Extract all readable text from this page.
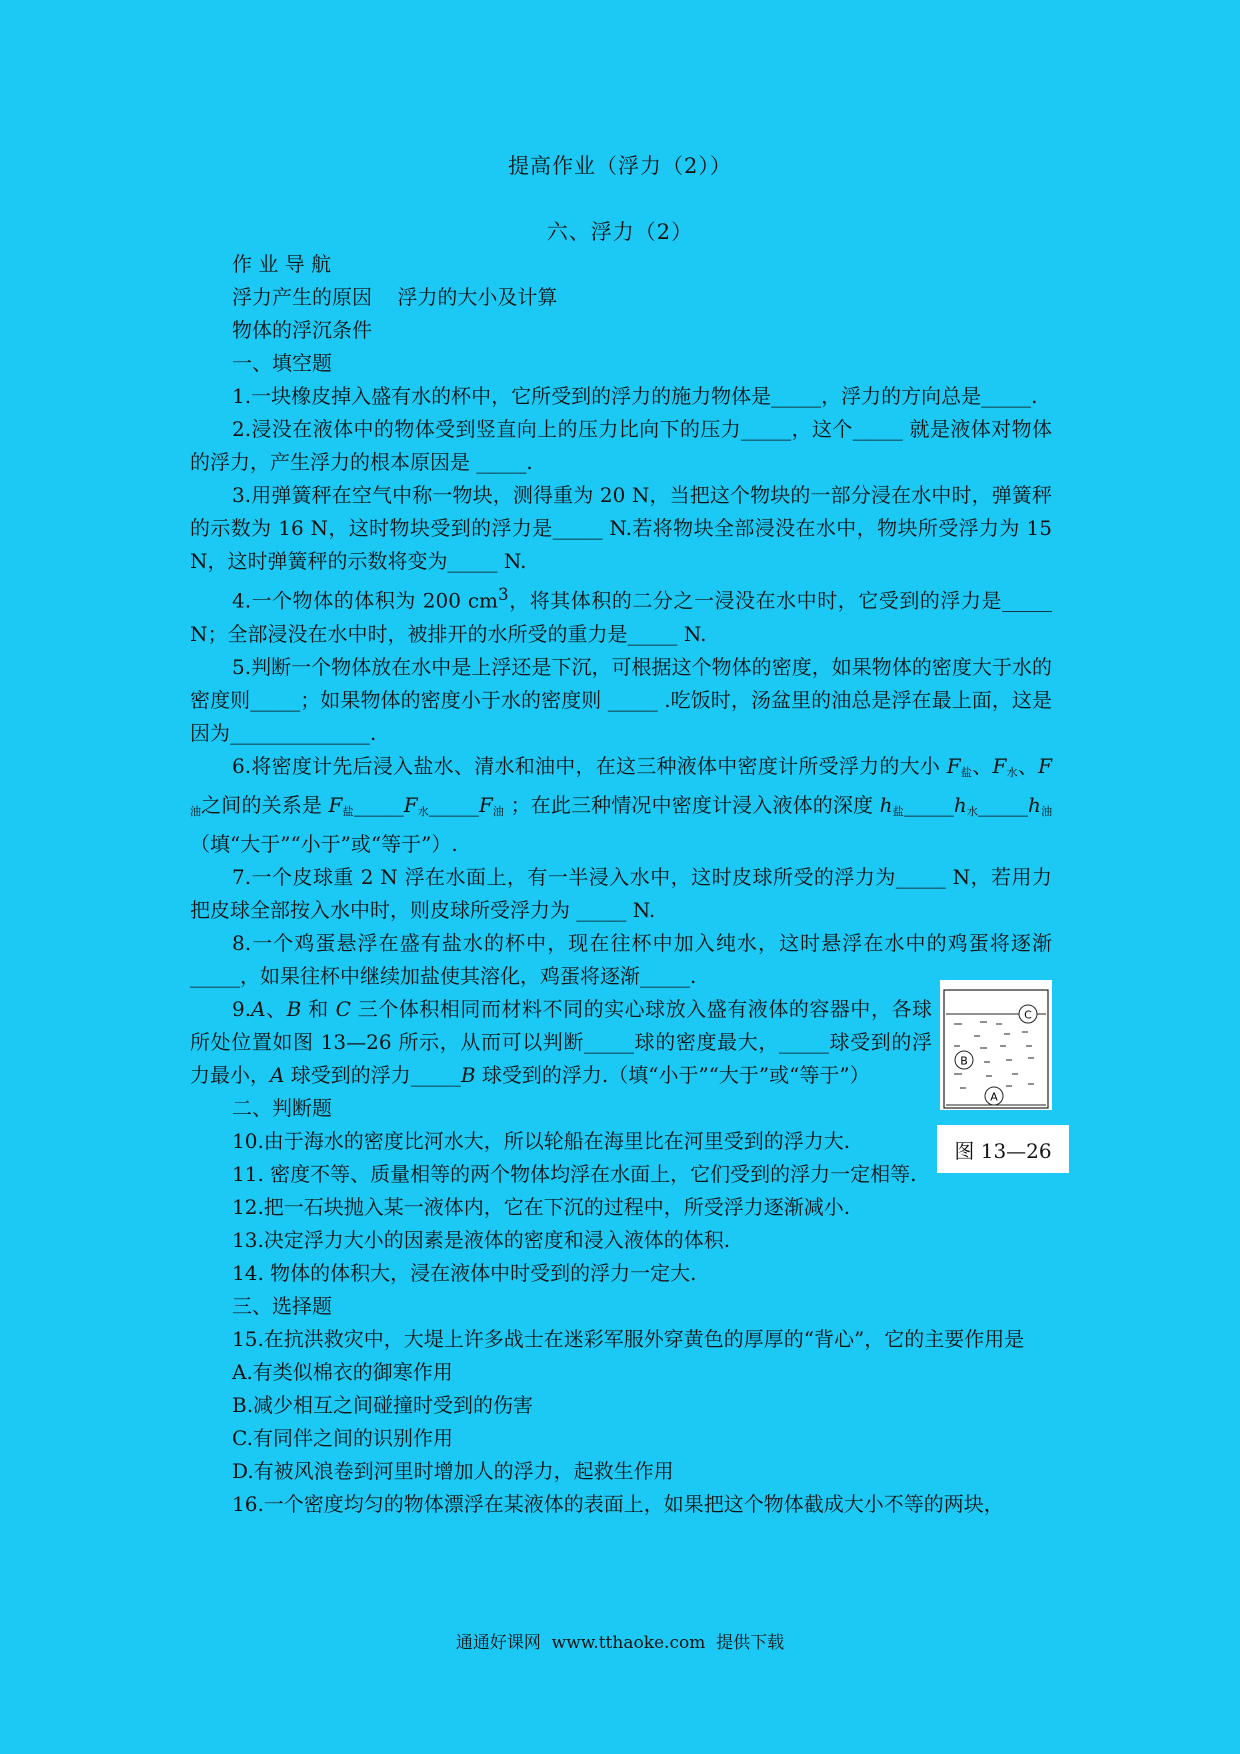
提高作业（浮力（2））
六、浮力（2）

作 业 导 航

浮力产生的原因    浮力的大小及计算

物体的浮沉条件

一、填空题

1.一块橡皮掉入盛有水的杯中，它所受到的浮力的施力物体是_____，浮力的方向总是_____.

2.浸没在液体中的物体受到竖直向上的压力比向下的压力_____，这个_____ 就是液体对物体的浮力，产生浮力的根本原因是 _____.

3.用弹簧秤在空气中称一物块，测得重为 20 N，当把这个物块的一部分浸在水中时，弹簧秤的示数为 16 N，这时物块受到的浮力是_____ N.若将物块全部浸没在水中，物块所受浮力为 15 N，这时弹簧秤的示数将变为_____ N.

4.一个物体的体积为 200 $cm^3$，将其体积的二分之一浸没在水中时，它受到的浮力是_____ N；全部浸没在水中时，被排开的水所受的重力是_____ N.

5.判断一个物体放在水中是上浮还是下沉，可根据这个物体的密度，如果物体的密度大于水的密度则_____；如果物体的密度小于水的密度则 _____ .吃饭时，汤盆里的油总是浮在最上面，这是因为______________.

6.将密度计先后浸入盐水、清水和油中，在这三种液体中密度计所受浮力的大小 $F_盐$、$F_水$、$F_油$之间的关系是 $F_盐\_\_\_\_\_F_水\_\_\_\_\_F_油$ ；在此三种情况中密度计浸入液体的深度 $h_盐\_\_\_\_\_h_水\_\_\_\_\_h_油$（填“大于”“小于”或“等于”）.

7.一个皮球重 2 N 浮在水面上，有一半浸入水中，这时皮球所受的浮力为_____ N，若用力把皮球全部按入水中时，则皮球所受浮力为 _____ N.

8.一个鸡蛋悬浮在盛有盐水的杯中，现在往杯中加入纯水，这时悬浮在水中的鸡蛋将逐渐_____，如果往杯中继续加盐使其溶化，鸡蛋将逐渐_____.

9.A、B 和 C 三个体积相同而材料不同的实心球放入盛有液体的容器中，各球所处位置如图 13—26 所示，从而可以判断_____球的密度最大，_____球受到的浮力最小，A 球受到的浮力_____B 球受到的浮力.（填“小于”“大于”或“等于”）

二、判断题

10.由于海水的密度比河水大，所以轮船在海里比在河里受到的浮力大.

11. 密度不等、质量相等的两个物体均浮在水面上，它们受到的浮力一定相等.

12.把一石块抛入某一液体内，它在下沉的过程中，所受浮力逐渐减小.

13.决定浮力大小的因素是液体的密度和浸入液体的体积.

14. 物体的体积大，浸在液体中时受到的浮力一定大.

三、选择题

15.在抗洪救灾中，大堤上许多战士在迷彩军服外穿黄色的厚厚的“背心”，它的主要作用是

A.有类似棉衣的御寒作用

B.减少相互之间碰撞时受到的伤害

C.有同伴之间的识别作用

D.有被风浪卷到河里时增加人的浮力，起救生作用

16.一个密度均匀的物体漂浮在某液体的表面上，如果把这个物体截成大小不等的两块，

C
B
A
图 13—26
通通好课网  www.tthaoke.com  提供下载
